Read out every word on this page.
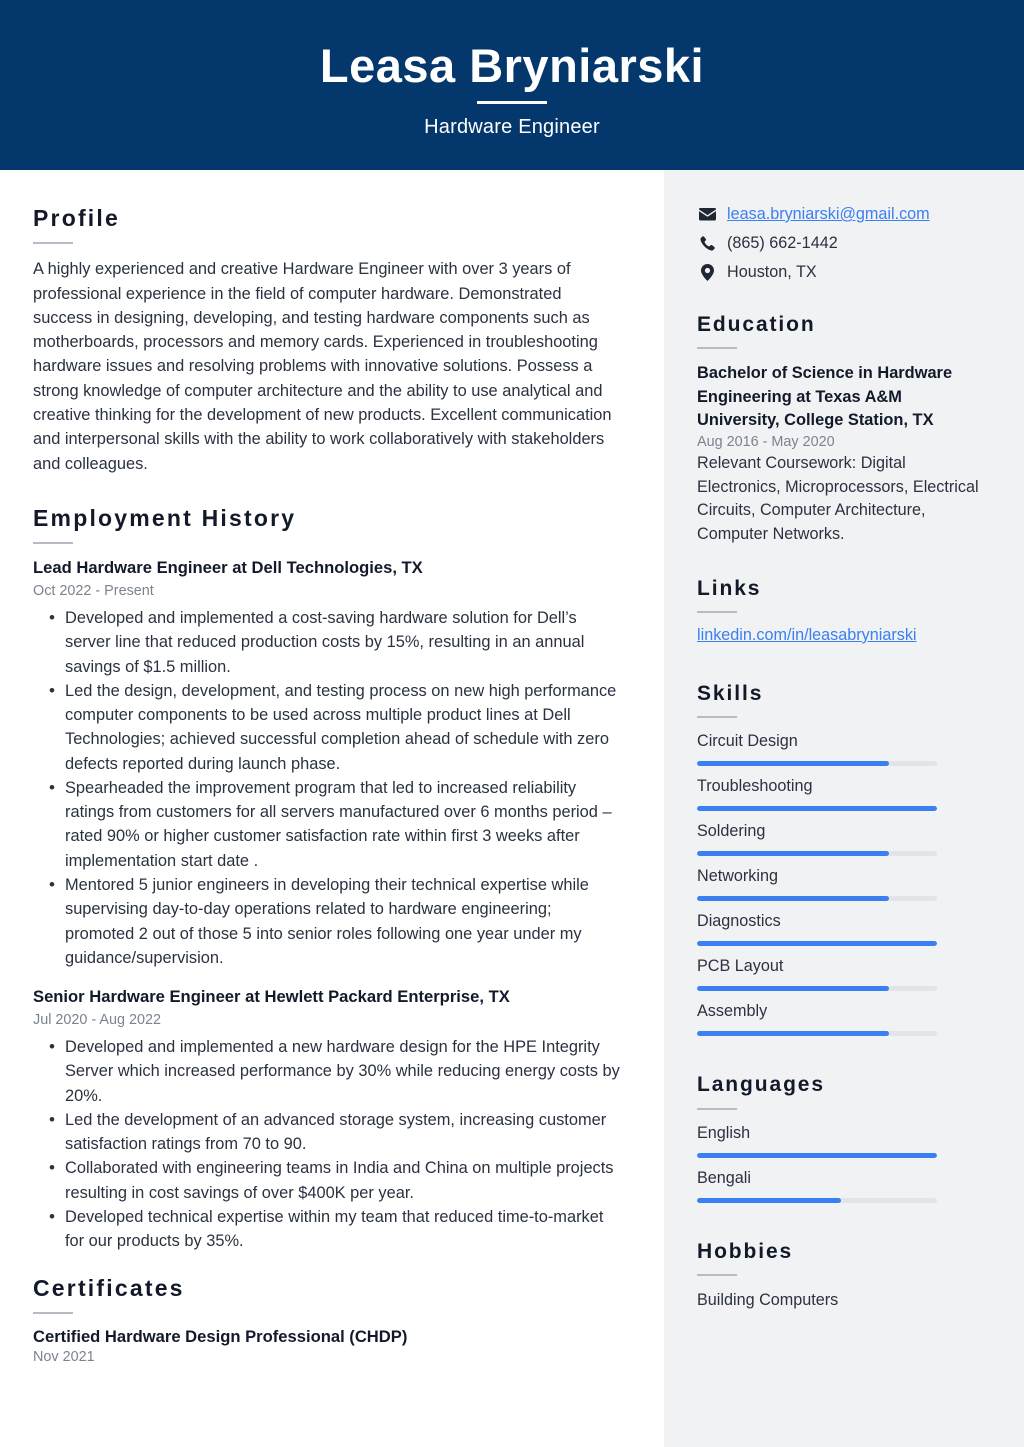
Leasa Bryniarski
Hardware Engineer
Profile
A highly experienced and creative Hardware Engineer with over 3 years of professional experience in the field of computer hardware. Demonstrated success in designing, developing, and testing hardware components such as motherboards, processors and memory cards. Experienced in troubleshooting hardware issues and resolving problems with innovative solutions. Possess a strong knowledge of computer architecture and the ability to use analytical and creative thinking for the development of new products. Excellent communication and interpersonal skills with the ability to work collaboratively with stakeholders and colleagues.
Employment History
Lead Hardware Engineer at Dell Technologies, TX
Oct 2022 - Present
• Developed and implemented a cost-saving hardware solution for Dell’s server line that reduced production costs by 15%, resulting in an annual savings of $1.5 million.
• Led the design, development, and testing process on new high performance computer components to be used across multiple product lines at Dell Technologies; achieved successful completion ahead of schedule with zero defects reported during launch phase.
• Spearheaded the improvement program that led to increased reliability ratings from customers for all servers manufactured over 6 months period – rated 90% or higher customer satisfaction rate within first 3 weeks after implementation start date .
• Mentored 5 junior engineers in developing their technical expertise while supervising day-to-day operations related to hardware engineering; promoted 2 out of those 5 into senior roles following one year under my guidance/supervision.
Senior Hardware Engineer at Hewlett Packard Enterprise, TX
Jul 2020 - Aug 2022
• Developed and implemented a new hardware design for the HPE Integrity Server which increased performance by 30% while reducing energy costs by 20%.
• Led the development of an advanced storage system, increasing customer satisfaction ratings from 70 to 90.
• Collaborated with engineering teams in India and China on multiple projects resulting in cost savings of over $400K per year.
• Developed technical expertise within my team that reduced time-to-market for our products by 35%.
Certificates
Certified Hardware Design Professional (CHDP)
Nov 2021
leasa.bryniarski@gmail.com
(865) 662-1442
Houston, TX
Education
Bachelor of Science in Hardware Engineering at Texas A&M University, College Station, TX
Aug 2016 - May 2020
Relevant Coursework: Digital Electronics, Microprocessors, Electrical Circuits, Computer Architecture, Computer Networks.
Links
linkedin.com/in/leasabryniarski
Skills
Circuit Design
Troubleshooting
Soldering
Networking
Diagnostics
PCB Layout
Assembly
Languages
English
Bengali
Hobbies
Building Computers
